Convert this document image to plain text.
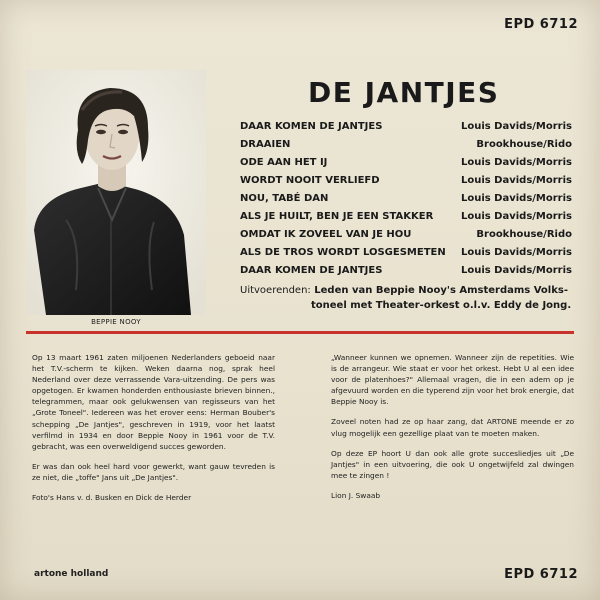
EPD 6712
BEPPIE NOOY
DE JANTJES
DAAR KOMEN DE JANTJES	Louis Davids/Morris
DRAAIEN	Brookhouse/Rido
ODE AAN HET IJ	Louis Davids/Morris
WORDT NOOIT VERLIEFD	Louis Davids/Morris
NOU, TABÉ DAN	Louis Davids/Morris
ALS JE HUILT, BEN JE EEN STAKKER	Louis Davids/Morris
OMDAT IK ZOVEEL VAN JE HOU	Brookhouse/Rido
ALS DE TROS WORDT LOSGESMETEN Louis Davids/Morris
DAAR KOMEN DE JANTJES	Louis Davids/Morris
Uitvoerenden: Leden van Beppie Nooy's Amsterdams Volks-
toneel met Theater-orkest o.l.v. Eddy de Jong.

Op 13 maart 1961 zaten miljoenen Nederlanders geboeid naar het T.V.-scherm te kijken. Weken daarna nog, sprak heel Nederland over deze verrassende Vara-uitzending. De pers was opgetogen. Er kwamen honderden enthousiaste brieven binnen., telegrammen, maar ook gelukwensen van regisseurs van het „Grote Toneel". Iedereen was het erover eens: Herman Bouber's schepping „De Jantjes", geschreven in 1919, voor het laatst verfilmd in 1934 en door Beppie Nooy in 1961 voor de T.V. gebracht, was een overweldigend succes geworden.

Er was dan ook heel hard voor gewerkt, want gauw tevreden is ze niet, die „toffe" Jans uit „De Jantjes".

Foto's Hans v. d. Busken en Dick de Herder

„Wanneer kunnen we opnemen. Wanneer zijn de repetities. Wie is de arrangeur. Wie staat er voor het orkest. Hebt U al een idee voor de platenhoes?" Allemaal vragen, die in een adem op je afgevuurd worden en die typerend zijn voor het brok energie, dat Beppie Nooy is.

Zoveel noten had ze op haar zang, dat ARTONE meende er zo vlug mogelijk een gezellige plaat van te moeten maken.

Op deze EP hoort U dan ook alle grote succesliedjes uit „De Jantjes" in een uitvoering, die ook U ongetwijfeld zal dwingen mee te zingen !

Lion J. Swaab

artone holland	EPD 6712
